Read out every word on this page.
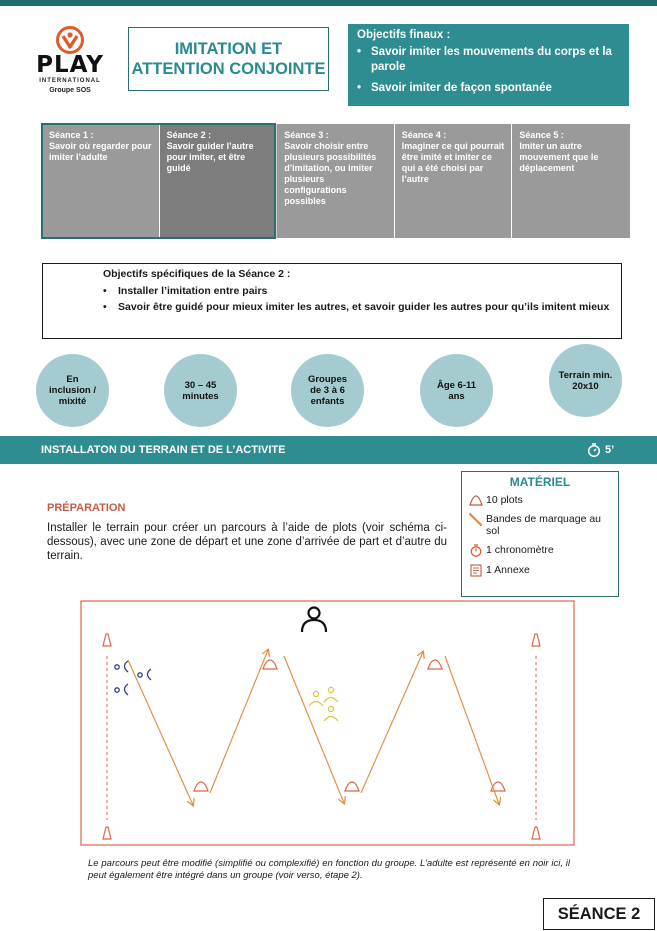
PLAY
INTERNATIONAL
Groupe SOS
IMITATION ET
ATTENTION CONJOINTE
Objectifs finaux :
• Savoir imiter les mouvements du corps et la parole
• Savoir imiter de façon spontanée
Séance 1 :
Savoir où regarder pour imiter l’adulte
Séance 2 :
Savoir guider l’autre pour imiter, et être guidé
Séance 3 :
Savoir choisir entre plusieurs possibilités d’imitation, ou imiter plusieurs configurations possibles
Séance 4 :
Imaginer ce qui pourrait être imité et imiter ce qui a été choisi par l’autre
Séance 5 :
Imiter un autre mouvement que le déplacement
Objectifs spécifiques de la Séance 2 :
• Installer l’imitation entre pairs
• Savoir être guidé pour mieux imiter les autres, et savoir guider les autres pour qu’ils imitent mieux
En inclusion / mixité
30 – 45 minutes
Groupes de 3 à 6 enfants
Âge 6-11 ans
Terrain min. 20x10
INSTALLATON DU TERRAIN ET DE L’ACTIVITE	5’
PRÉPARATION
Installer le terrain pour créer un parcours à l’aide de plots (voir schéma ci-dessous), avec une zone de départ et une zone d’arrivée de part et d’autre du terrain.
MATÉRIEL
10 plots
Bandes de marquage au sol
1 chronomètre
1 Annexe
Le parcours peut être modifié (simplifié ou complexifié) en fonction du groupe. L’adulte est représenté en noir ici, il peut également être intégré dans un groupe (voir verso, étape 2).
SÉANCE 2
